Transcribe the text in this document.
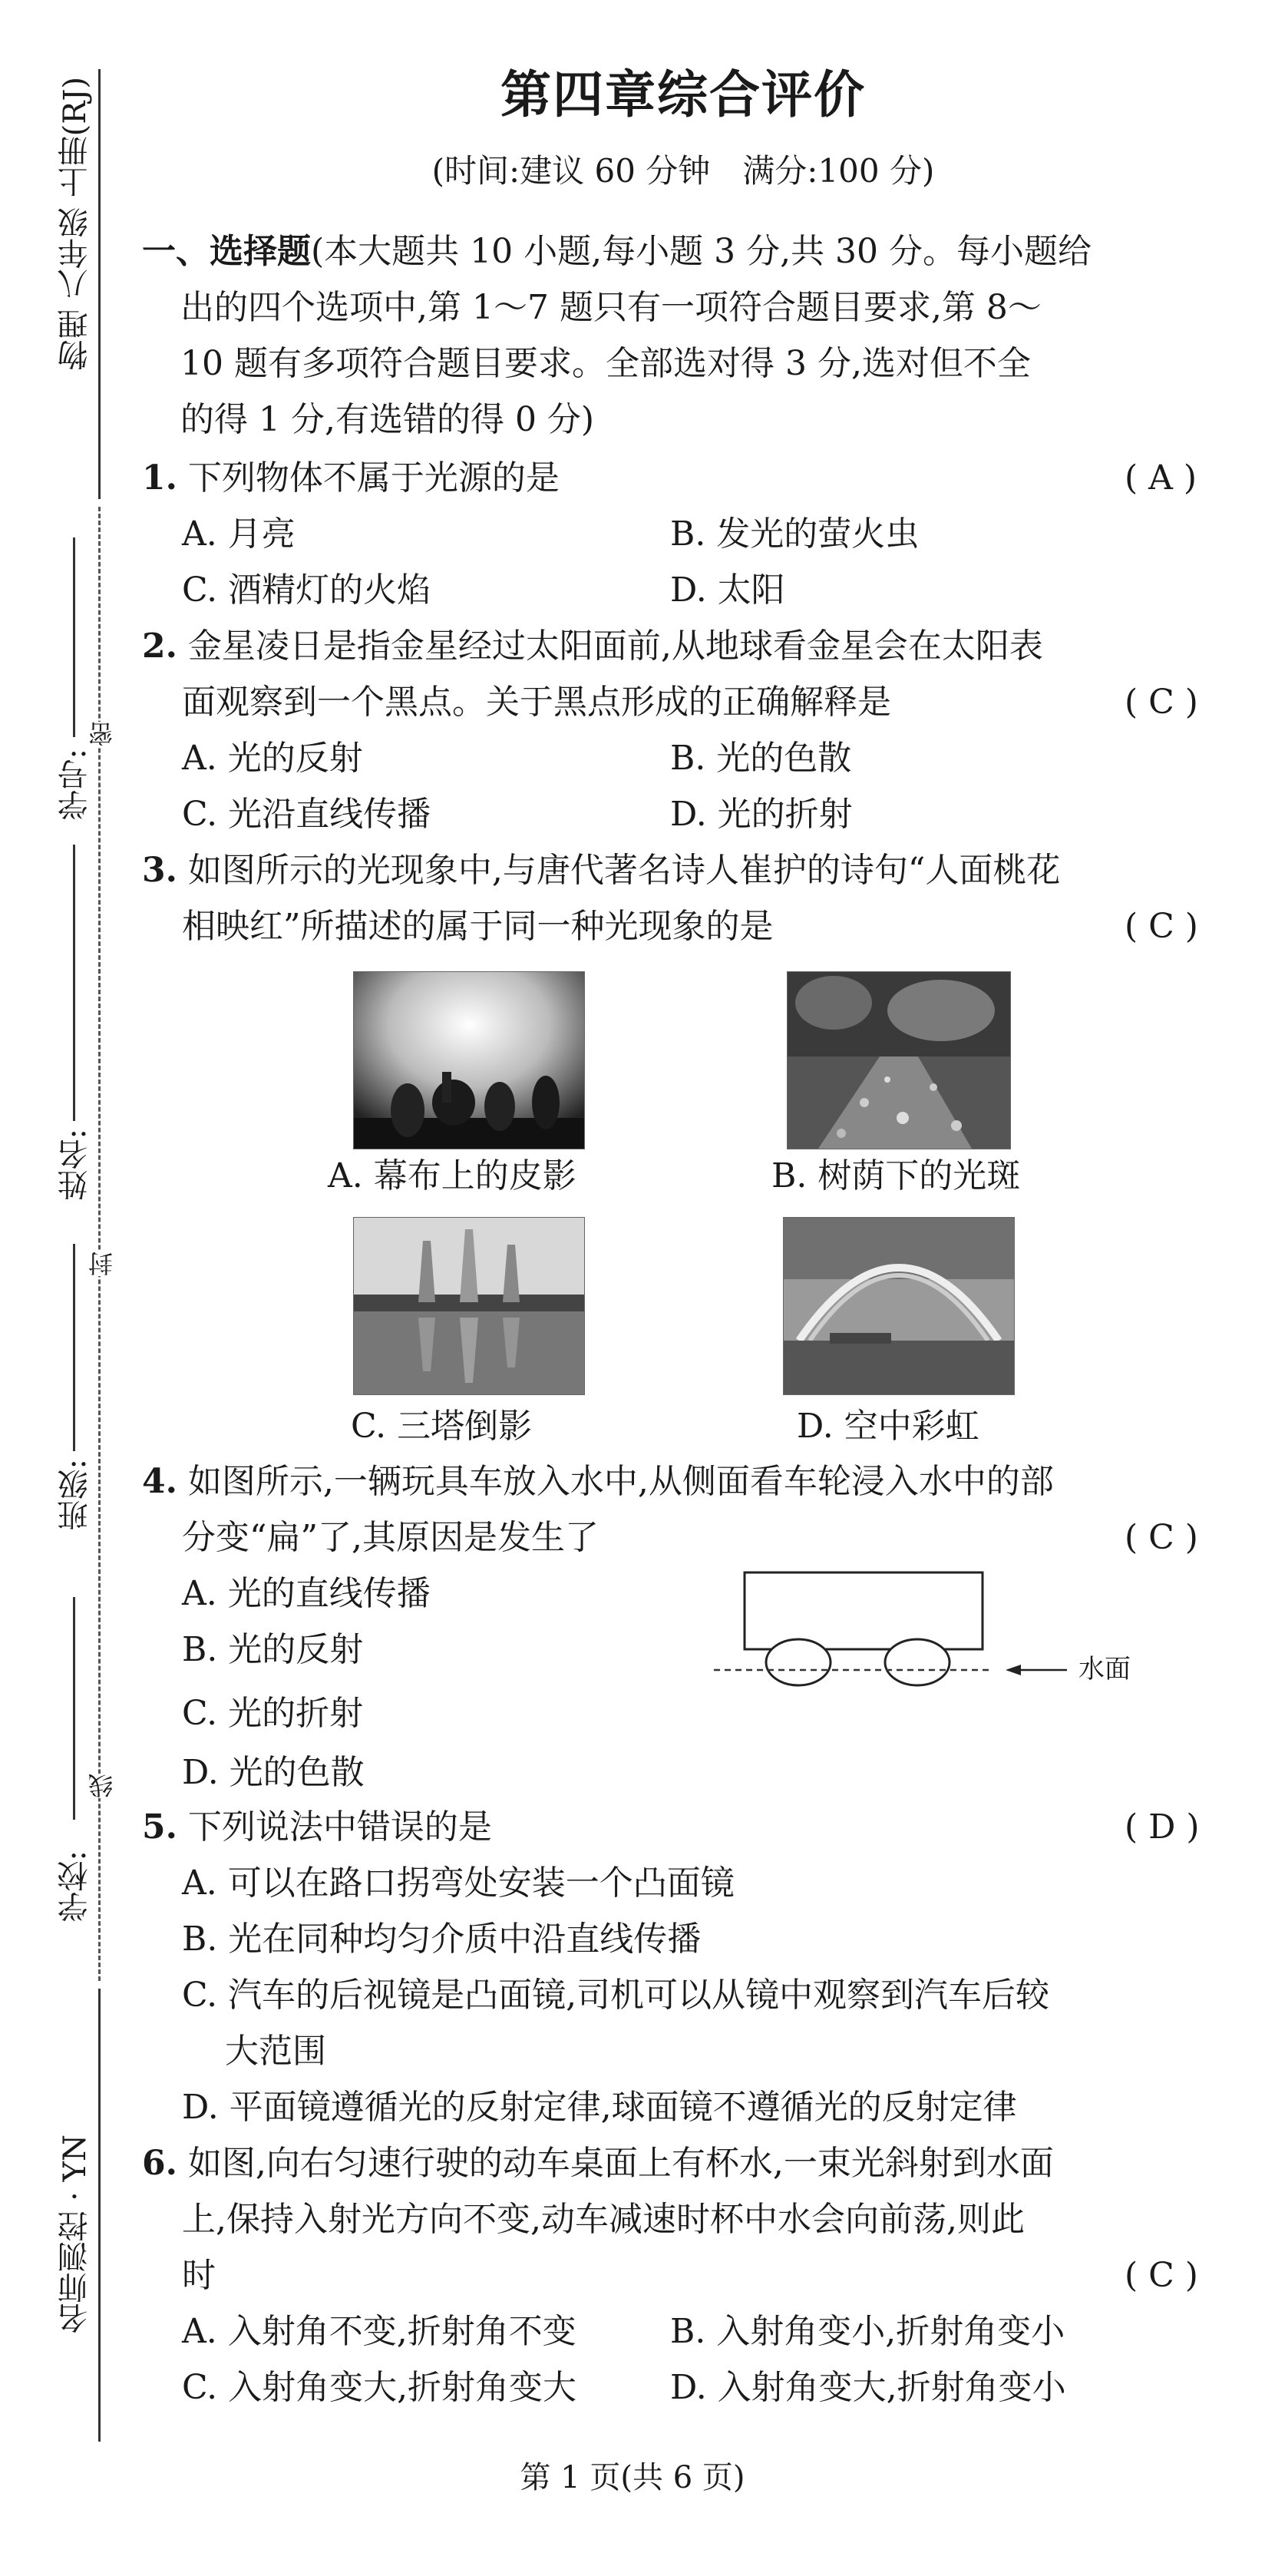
物理 八年级 上册(RJ)
学号:
密
姓名:
封
班级:
线
学校:
名师测控 · YN
第四章综合评价
(时间:建议 60 分钟　满分:100 分)
一、选择题(本大题共 10 小题,每小题 3 分,共 30 分。每小题给
出的四个选项中,第 1～7 题只有一项符合题目要求,第 8～
10 题有多项符合题目要求。全部选对得 3 分,选对但不全
的得 1 分,有选错的得 0 分)
1. 下列物体不属于光源的是	( A )
A. 月亮	B. 发光的萤火虫
C. 酒精灯的火焰	D. 太阳
2. 金星凌日是指金星经过太阳面前,从地球看金星会在太阳表
面观察到一个黑点。关于黑点形成的正确解释是	( C )
A. 光的反射	B. 光的色散
C. 光沿直线传播	D. 光的折射
3. 如图所示的光现象中,与唐代著名诗人崔护的诗句“人面桃花
相映红”所描述的属于同一种光现象的是	( C )
A. 幕布上的皮影	B. 树荫下的光斑
C. 三塔倒影	D. 空中彩虹
4. 如图所示,一辆玩具车放入水中,从侧面看车轮浸入水中的部
分变“扁”了,其原因是发生了	( C )
A. 光的直线传播
B. 光的反射
C. 光的折射
D. 光的色散
水面
5. 下列说法中错误的是	( D )
A. 可以在路口拐弯处安装一个凸面镜
B. 光在同种均匀介质中沿直线传播
C. 汽车的后视镜是凸面镜,司机可以从镜中观察到汽车后较
大范围
D. 平面镜遵循光的反射定律,球面镜不遵循光的反射定律
6. 如图,向右匀速行驶的动车桌面上有杯水,一束光斜射到水面
上,保持入射光方向不变,动车减速时杯中水会向前荡,则此
时	( C )
A. 入射角不变,折射角不变	B. 入射角变小,折射角变小
C. 入射角变大,折射角变大	D. 入射角变大,折射角变小
第 1 页(共 6 页)
